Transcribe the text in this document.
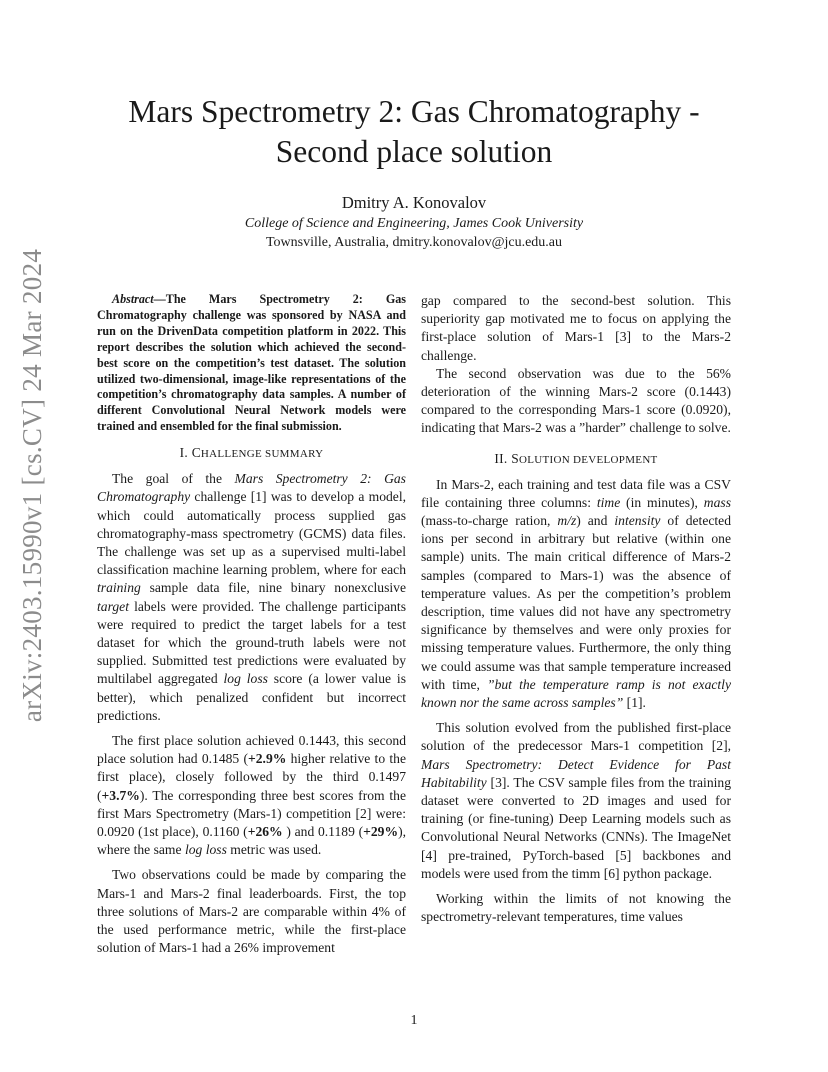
arXiv:2403.15990v1 [cs.CV] 24 Mar 2024
Mars Spectrometry 2: Gas Chromatography -
Second place solution
Dmitry A. Konovalov
College of Science and Engineering, James Cook University
Townsville, Australia, dmitry.konovalov@jcu.edu.au

Abstract—The Mars Spectrometry 2: Gas Chromatography challenge was sponsored by NASA and run on the DrivenData competition platform in 2022. This report describes the solution which achieved the second-best score on the competition’s test dataset. The solution utilized two-dimensional, image-like representations of the competition’s chromatography data samples. A number of different Convolutional Neural Network models were trained and ensembled for the final submission.

I. CHALLENGE SUMMARY

The goal of the Mars Spectrometry 2: Gas Chromatography challenge [1] was to develop a model, which could automatically process supplied gas chromatography-mass spectrometry (GCMS) data files. The challenge was set up as a supervised multi-label classification machine learning problem, where for each training sample data file, nine binary nonexclusive target labels were provided. The challenge participants were required to predict the target labels for a test dataset for which the ground-truth labels were not supplied. Submitted test predictions were evaluated by multilabel aggregated log loss score (a lower value is better), which penalized confident but incorrect predictions.

The first place solution achieved 0.1443, this second place solution had 0.1485 (+2.9% higher relative to the first place), closely followed by the third 0.1497 (+3.7%). The corresponding three best scores from the first Mars Spectrometry (Mars-1) competition [2] were: 0.0920 (1st place), 0.1160 (+26% ) and 0.1189 (+29%), where the same log loss metric was used.

Two observations could be made by comparing the Mars-1 and Mars-2 final leaderboards. First, the top three solutions of Mars-2 are comparable within 4% of the used performance metric, while the first-place solution of Mars-1 had a 26% improvement

gap compared to the second-best solution. This superiority gap motivated me to focus on applying the first-place solution of Mars-1 [3] to the Mars-2 challenge.

The second observation was due to the 56% deterioration of the winning Mars-2 score (0.1443) compared to the corresponding Mars-1 score (0.0920), indicating that Mars-2 was a ”harder” challenge to solve.

II. SOLUTION DEVELOPMENT

In Mars-2, each training and test data file was a CSV file containing three columns: time (in minutes), mass (mass-to-charge ration, m/z) and intensity of detected ions per second in arbitrary but relative (within one sample) units. The main critical difference of Mars-2 samples (compared to Mars-1) was the absence of temperature values. As per the competition’s problem description, time values did not have any spectrometry significance by themselves and were only proxies for missing temperature values. Furthermore, the only thing we could assume was that sample temperature increased with time, ”but the temperature ramp is not exactly known nor the same across samples” [1].

This solution evolved from the published first-place solution of the predecessor Mars-1 competition [2], Mars Spectrometry: Detect Evidence for Past Habitability [3]. The CSV sample files from the training dataset were converted to 2D images and used for training (or fine-tuning) Deep Learning models such as Convolutional Neural Networks (CNNs). The ImageNet [4] pre-trained, PyTorch-based [5] backbones and models were used from the timm [6] python package.

Working within the limits of not knowing the spectrometry-relevant temperatures, time values

1
